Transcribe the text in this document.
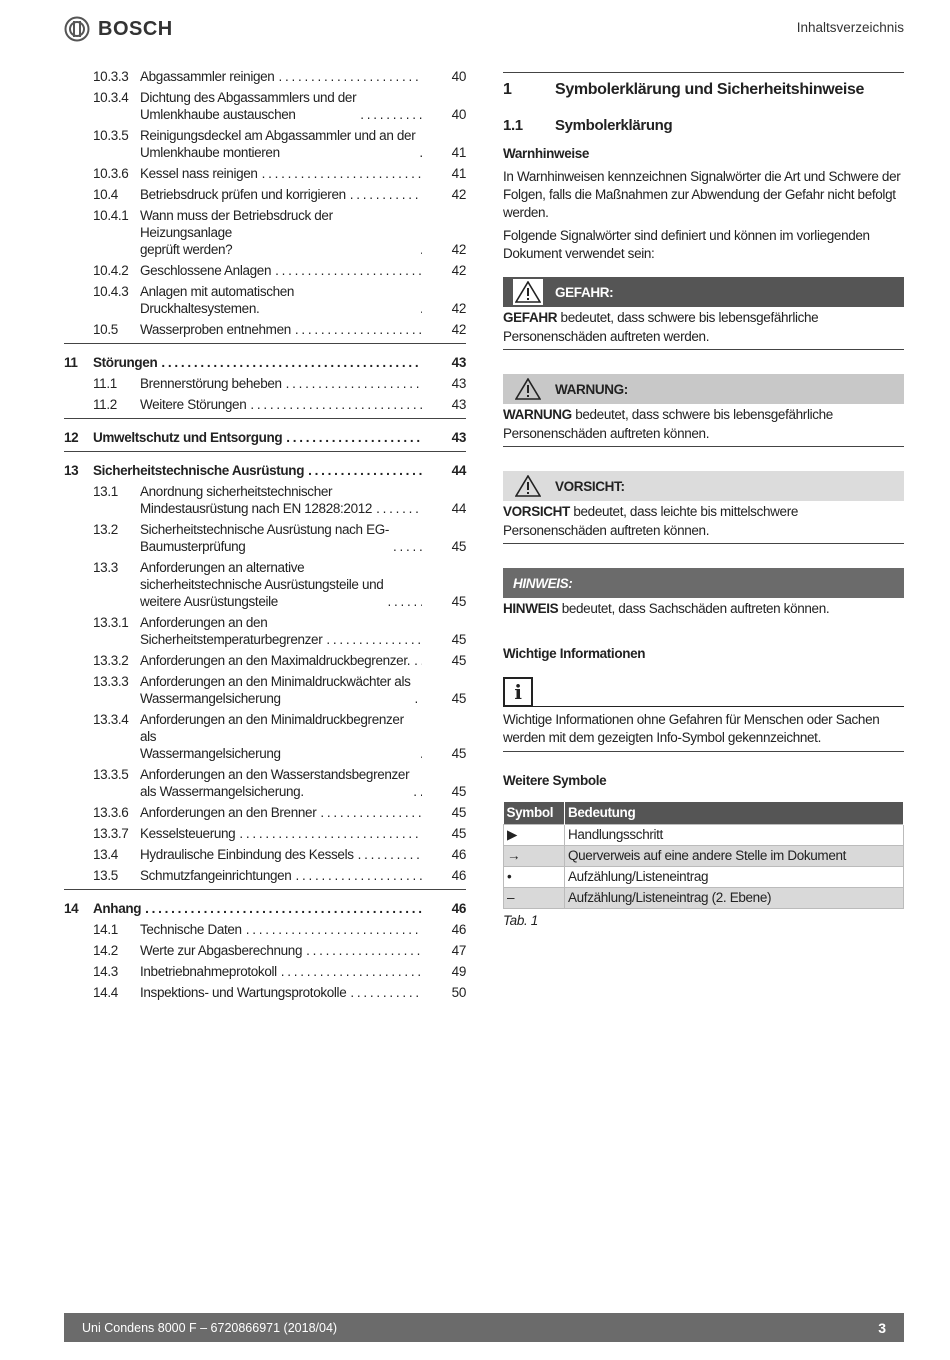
BOSCH	Inhaltsverzeichnis
10.3.3 Abgassammler reinigen . . .	40
10.3.4 Dichtung des Abgassammlers und der
Umlenkhaube austauschen . . .	40
10.3.5 Reinigungsdeckel am Abgassammler und an der
Umlenkhaube montieren . . .	41
10.3.6 Kessel nass reinigen . . .	41
10.4	Betriebsdruck prüfen und korrigieren . . .	42
10.4.1 Wann muss der Betriebsdruck der Heizungsanlage
geprüft werden? . . .	42
10.4.2 Geschlossene Anlagen . . .	42
10.4.3 Anlagen mit automatischen Druckhaltesystemen. . . .	42
10.5	Wasserproben entnehmen . . .	42
11	Störungen . . .	43
11.1	Brennerstörung beheben . . .	43
11.2	Weitere Störungen . . .	43
12	Umweltschutz und Entsorgung . . .	43
13	Sicherheitstechnische Ausrüstung . . .	44
13.1	Anordnung sicherheitstechnischer
Mindestausrüstung nach EN 12828:2012 . . .	44
13.2	Sicherheitstechnische Ausrüstung nach EG-
Baumusterprüfung . . .	45
13.3	Anforderungen an alternative
sicherheitstechnische Ausrüstungsteile und
weitere Ausrüstungsteile . . .	45
13.3.1 Anforderungen an den
Sicherheitstemperaturbegrenzer . . .	45
13.3.2 Anforderungen an den Maximaldruckbegrenzer. . . .	45
13.3.3 Anforderungen an den Minimaldruckwächter als
Wassermangelsicherung . . .	45
13.3.4 Anforderungen an den Minimaldruckbegrenzer als
Wassermangelsicherung . . .	45
13.3.5 Anforderungen an den Wasserstandsbegrenzer
als Wassermangelsicherung. . . .	45
13.3.6 Anforderungen an den Brenner . . .	45
13.3.7 Kesselsteuerung . . .	45
13.4	Hydraulische Einbindung des Kessels . . .	46
13.5	Schmutzfangeinrichtungen . . .	46
14	Anhang . . .	46
14.1	Technische Daten . . .	46
14.2	Werte zur Abgasberechnung . . .	47
14.3	Inbetriebnahmeprotokoll . . .	49
14.4	Inspektions- und Wartungsprotokolle . . .	50
1	Symbolerklärung und Sicherheitshinweise
1.1	Symbolerklärung
Warnhinweise

In Warnhinweisen kennzeichnen Signalwörter die Art und Schwere der Folgen, falls die Maßnahmen zur Abwendung der Gefahr nicht befolgt werden.

Folgende Signalwörter sind definiert und können im vorliegenden Dokument verwendet sein:

GEFAHR:
GEFAHR bedeutet, dass schwere bis lebensgefährliche Personenschäden auftreten werden.
WARNUNG:
WARNUNG bedeutet, dass schwere bis lebensgefährliche Personenschäden auftreten können.
VORSICHT:
VORSICHT bedeutet, dass leichte bis mittelschwere Personenschäden auftreten können.
HINWEIS:
HINWEIS bedeutet, dass Sachschäden auftreten können.
Wichtige Informationen
i
Wichtige Informationen ohne Gefahren für Menschen oder Sachen werden mit dem gezeigten Info-Symbol gekennzeichnet.
Weitere Symbole
Symbol	Bedeutung
▶	Handlungsschritt
→	Querverweis auf eine andere Stelle im Dokument
•	Aufzählung/Listeneintrag
–	Aufzählung/Listeneintrag (2. Ebene)
Tab. 1
Uni Condens 8000 F – 6720866971 (2018/04)	3
